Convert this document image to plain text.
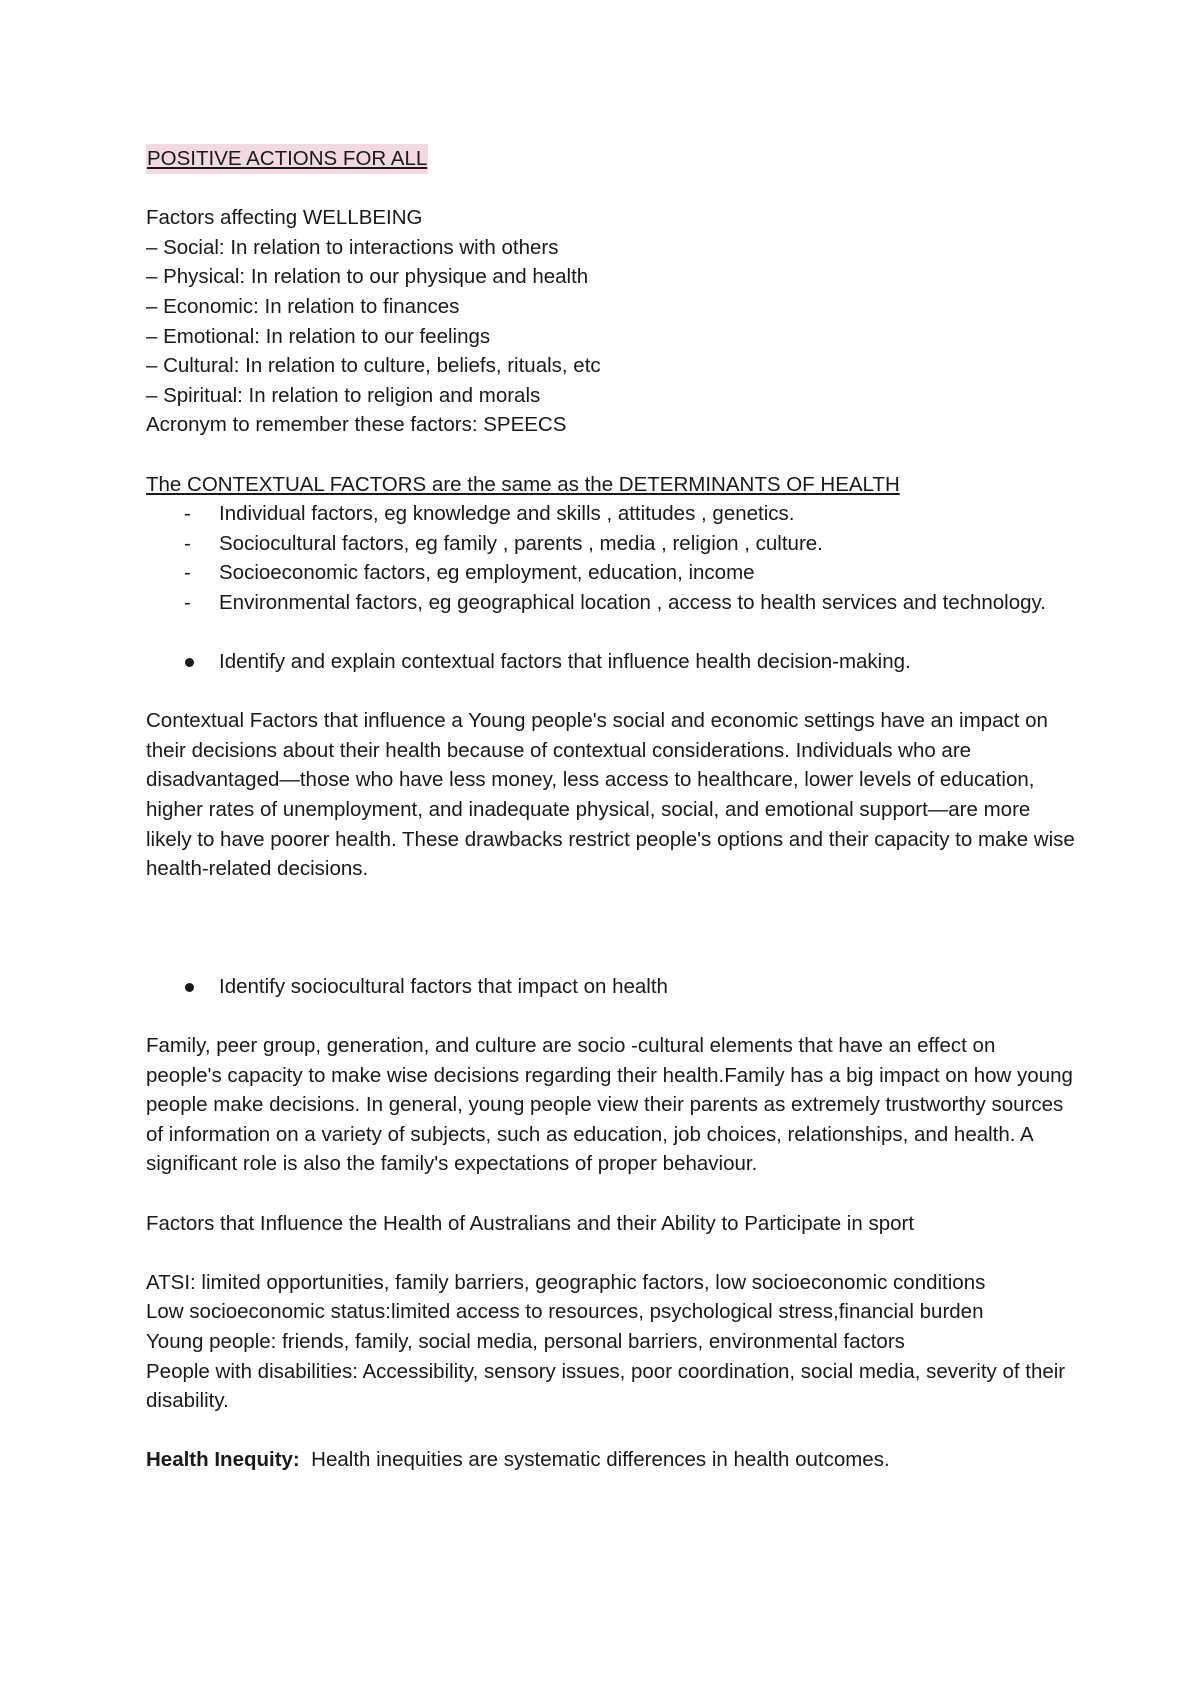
POSITIVE ACTIONS FOR ALL

Factors affecting WELLBEING

– Social: In relation to interactions with others

– Physical: In relation to our physique and health

– Economic: In relation to finances

– Emotional: In relation to our feelings

– Cultural: In relation to culture, beliefs, rituals, etc

– Spiritual: In relation to religion and morals

Acronym to remember these factors: SPEECS

The CONTEXTUAL FACTORS are the same as the DETERMINANTS OF HEALTH

- Individual factors, eg knowledge and skills , attitudes , genetics.
- Sociocultural factors, eg family , parents , media , religion , culture.
- Socioeconomic factors, eg employment, education, income
- Environmental factors, eg geographical location , access to health services and technology.
Identify and explain contextual factors that influence health decision-making.

Contextual Factors that influence a Young people's social and economic settings have an impact on their decisions about their health because of contextual considerations. Individuals who are disadvantaged—those who have less money, less access to healthcare, lower levels of education, higher rates of unemployment, and inadequate physical, social, and emotional support—are more likely to have poorer health. These drawbacks restrict people's options and their capacity to make wise health-related decisions.

Identify sociocultural factors that impact on health

Family, peer group, generation, and culture are socio -cultural elements that have an effect on people's capacity to make wise decisions regarding their health.Family has a big impact on how young people make decisions. In general, young people view their parents as extremely trustworthy sources of information on a variety of subjects, such as education, job choices, relationships, and health. A significant role is also the family's expectations of proper behaviour.

Factors that Influence the Health of Australians and their Ability to Participate in sport

ATSI: limited opportunities, family barriers, geographic factors, low socioeconomic conditions

Low socioeconomic status:limited access to resources, psychological stress,financial burden

Young people: friends, family, social media, personal barriers, environmental factors

People with disabilities: Accessibility, sensory issues, poor coordination, social media, severity of their disability.

Health Inequity:  Health inequities are systematic differences in health outcomes.
